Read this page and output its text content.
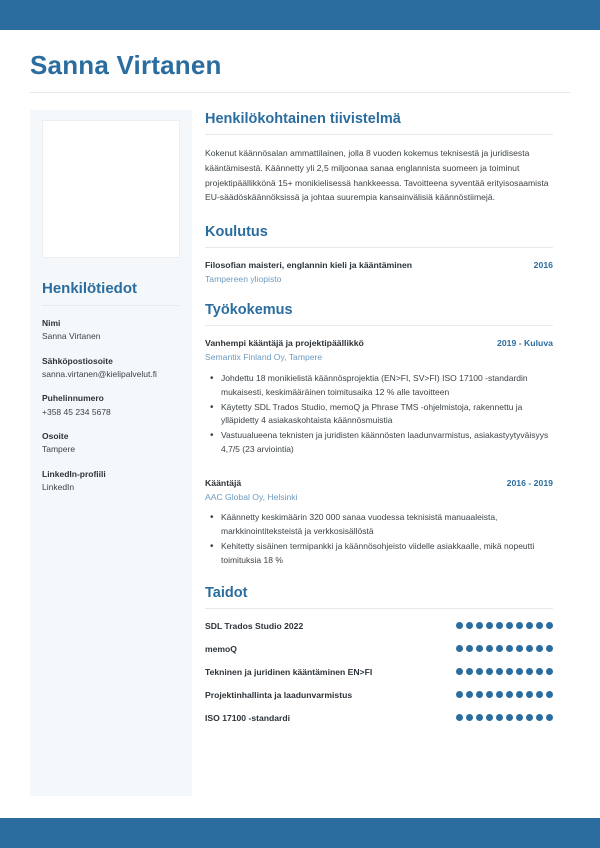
Sanna Virtanen
Henkilötiedot
Nimi
Sanna Virtanen
Sähköpostiosoite
sanna.virtanen@kielipalvelut.fi
Puhelinnumero
+358 45 234 5678
Osoite
Tampere
LinkedIn-profiili
LinkedIn
Henkilökohtainen tiivistelmä

Kokenut käännösalan ammattilainen, jolla 8 vuoden kokemus teknisestä ja juridisesta kääntämisestä. Käännetty yli 2,5 miljoonaa sanaa englannista suomeen ja toiminut projektipäällikkönä 15+ monikielisessä hankkeessa. Tavoitteena syventää erityisosaamista EU-säädöskäännöksissä ja johtaa suurempia kansainvälisiä käännöstiimejä.

Koulutus
Filosofian maisteri, englannin kieli ja kääntäminen	2016
Tampereen yliopisto
Työkokemus
Vanhempi kääntäjä ja projektipäällikkö	2019 - Kuluva
Semantix Finland Oy, Tampere
• Johdettu 18 monikielistä käännösprojektia (EN>FI, SV>FI) ISO 17100 -standardin mukaisesti, keskimääräinen toimitusaika 12 % alle tavoitteen
• Käytetty SDL Trados Studio, memoQ ja Phrase TMS -ohjelmistoja, rakennettu ja ylläpidetty 4 asiakaskohtaista käännösmuistia
• Vastuualueena teknisten ja juridisten käännösten laadunvarmistus, asiakastyytyväisyys 4,7/5 (23 arviointia)
Kääntäjä	2016 - 2019
AAC Global Oy, Helsinki
• Käännetty keskimäärin 320 000 sanaa vuodessa teknisistä manuaaleista, markkinointiteksteistä ja verkkosisällöstä
• Kehitetty sisäinen termipankki ja käännösohjeisto viidelle asiakkaalle, mikä nopeutti toimituksia 18 %
Taidot
SDL Trados Studio 2022
memoQ
Tekninen ja juridinen kääntäminen EN>FI
Projektinhallinta ja laadunvarmistus
ISO 17100 -standardi
